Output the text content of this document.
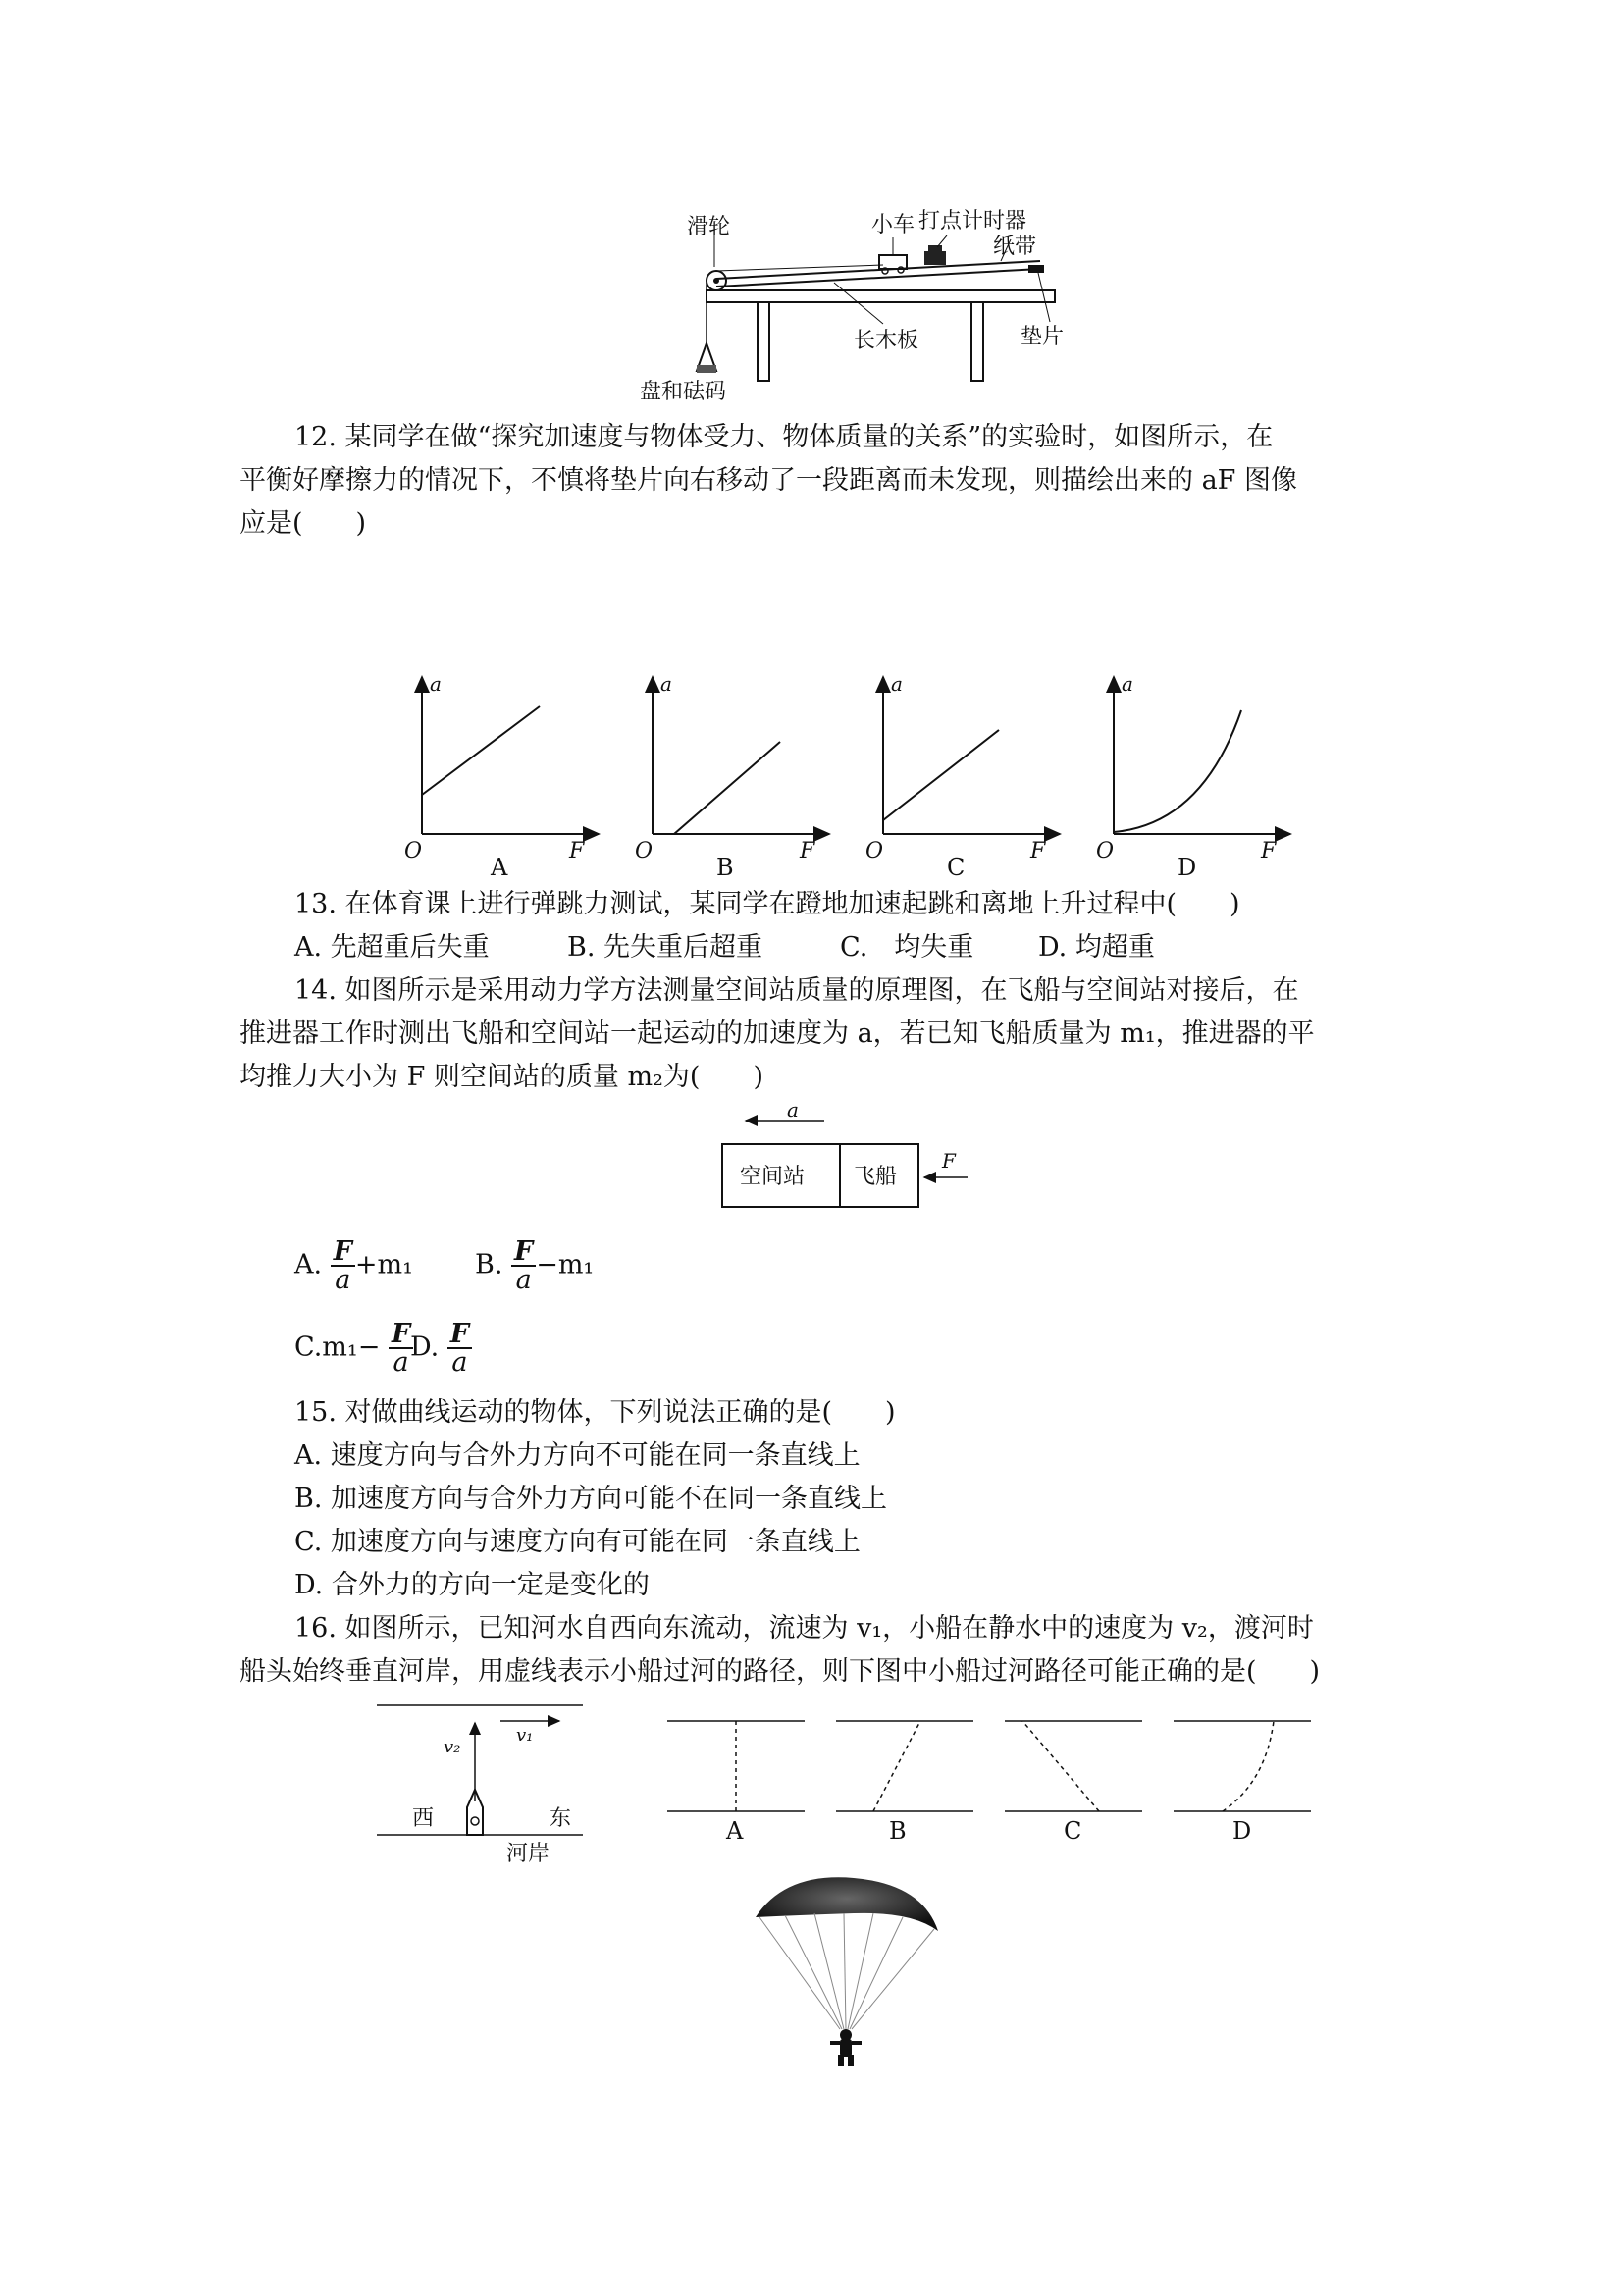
滑轮	小车 打点计时器
纸带
长木板	垫片
盘和砝码
12. 某同学在做“探究加速度与物体受力、物体质量的关系”的实验时，如图所示，在
平衡好摩擦力的情况下，不慎将垫片向右移动了一段距离而未发现，则描绘出来的 aF 图像
应是(　　)
a
O	F
A
a
O	F
B
a
O	F
C
a
O	F
D
13. 在体育课上进行弹跳力测试，某同学在蹬地加速起跳和离地上升过程中(　　)
A. 先超重后失重	B. 先失重后超重	C.　均失重 D. 均超重
14. 如图所示是采用动力学方法测量空间站质量的原理图，在飞船与空间站对接后，在
推进器工作时测出飞船和空间站一起运动的加速度为 a，若已知飞船质量为 m₁，推进器的平
均推力大小为 F 则空间站的质量 m₂为(　　)
a
空间站 飞船
F
A. $\frac{F}{a} +m_1$ B. $\frac{F}{a} -m_1$
$C.m_1- \frac{F}{a}$
D. $\frac{F}{a}$
15. 对做曲线运动的物体，下列说法正确的是(　　)
A. 速度方向与合外力方向不可能在同一条直线上
B. 加速度方向与合外力方向可能不在同一条直线上
C. 加速度方向与速度方向有可能在同一条直线上
D. 合外力的方向一定是变化的
16. 如图所示，已知河水自西向东流动，流速为 v₁，小船在静水中的速度为 v₂，渡河时
船头始终垂直河岸，用虚线表示小船过河的路径，则下图中小船过河路径可能正确的是(　　)
v₁
v₂
西	东
河岸
A	B	C	D
